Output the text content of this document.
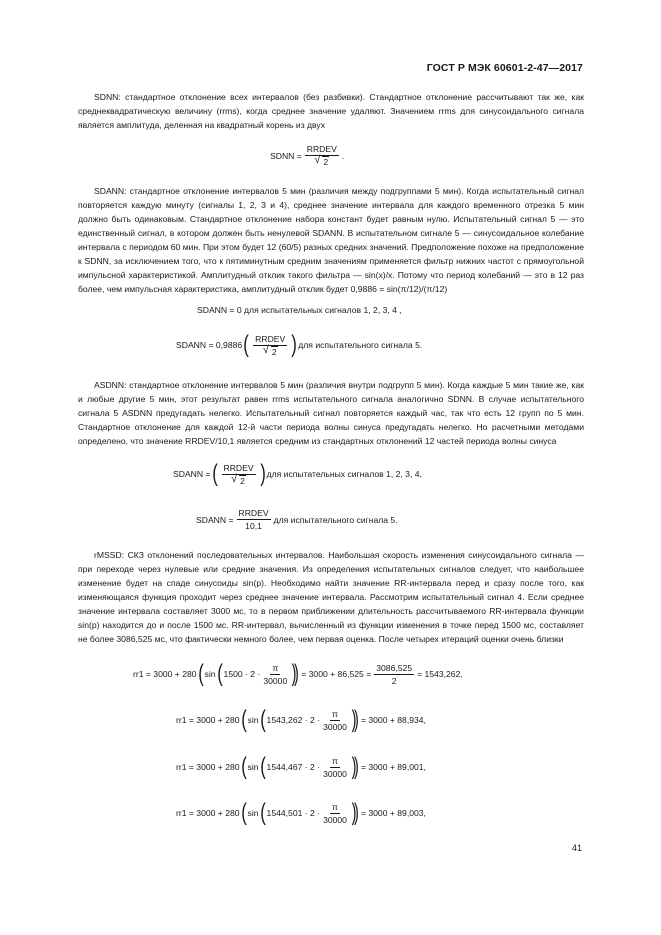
ГОСТ Р МЭК 60601-2-47—2017
SDNN: стандартное отклонение всех интервалов (без разбивки). Стандартное отклонение рассчитывают так же, как среднеквадратическую величину (rrms), когда среднее значение удаляют. Значением rrms для синусоидального сигнала является амплитуда, деленная на квадратный корень из двух
SDNN = $\frac{\text{RRDEV}}{√ 2}$ .
SDANN: стандартное отклонение интервалов 5 мин (различия между подгруппами 5 мин). Когда испытательный сигнал повторяется каждую минуту (сигналы 1, 2, 3 и 4), среднее значение интервала для каждого временного отрезка 5 мин должно быть одинаковым. Стандартное отклонение набора констант будет равным нулю. Испытательный сигнал 5 — это единственный сигнал, в котором должен быть ненулевой SDANN. В испытательном сигнале 5 — синусоидальное колебание интервала с периодом 60 мин. При этом будет 12 (60/5) разных средних значений. Предположение похоже на предположение к SDNN, за исключением того, что к пятиминутным средним значениям применяется фильтр нижних частот с прямоугольной импульсной характеристикой. Амплитудный отклик такого фильтра — sin(x)/x. Потому что период колебаний — это в 12 раз более, чем импульсная характеристика, амплитудный отклик будет 0,9886 = sin(π/12)/(π/12)
SDANN = 0 для испытательных сигналов 1, 2, 3, 4 ,
SDANN = 0,9886 ( $\frac{\text{RRDEV}}{√ 2}$ ) для испытательного сигнала 5.
ASDNN: стандартное отклонение интервалов 5 мин (различия внутри подгрупп 5 мин). Когда каждые 5 мин такие же, как и любые другие 5 мин, этот результат равен rrms испытательного сигнала аналогично SDNN. В случае испытательного сигнала 5 ASDNN предугадать нелегко. Испытательный сигнал повторяется каждый час, так что есть 12 групп по 5 мин. Стандартное отклонение для каждой 12-й части периода волны синуса предугадать нелегко. Но расчетными методами определено, что значение RRDEV/10,1 является средним из стандартных отклонений 12 частей периода волны синуса
SDANN = ( $\frac{\text{RRDEV}}{√ 2}$ ) для испытательных сигналов 1, 2, 3, 4,
SDANN = $\frac{\text{RRDEV}}{10,1}$ для испытательного сигнала 5.
rMSSD: CКЗ отклонений последовательных интервалов. Наибольшая скорость изменения синусоидального сигнала — при переходе через нулевые или средние значения. Из определения испытательных сигналов следует, что наибольшее изменение будет на спаде синусоиды sin(p). Необходимо найти значение RR-интервала перед и сразу после того, как изменяющаяся функция проходит через среднее значение интервала. Рассмотрим испытательный сигнал 4. Если среднее значение интервала составляет 3000 мс, то в первом приближении длительность рассчитываемого RR-интервала функции sin(p) находится до и после 1500 мс. RR-интервал, вычисленный из функции изменения в точке перед 1500 мс, составляет не более 3086,525 мс, что фактически немного более, чем первая оценка. После четырех итераций оценки очень близки
rr1 = 3000 + 280 ( sin ( $1500 \cdot 2 \cdot \frac{\pi}{30000}$ )) = $3000 + 86,525 = \frac{3086,525}{2} = 1543,262$,
rr1 = 3000 + 280 ( sin ( $1543,262 \cdot 2 \cdot \frac{\pi}{30000}$ )) = 3000 + 88,934,
rr1 = 3000 + 280 ( sin ( $1544,467 \cdot 2 \cdot \frac{\pi}{30000}$ )) = 3000 + 89,001,
rr1 = 3000 + 280 ( sin ( $1544,501 \cdot 2 \cdot \frac{\pi}{30000}$ )) = 3000 + 89,003,
41
